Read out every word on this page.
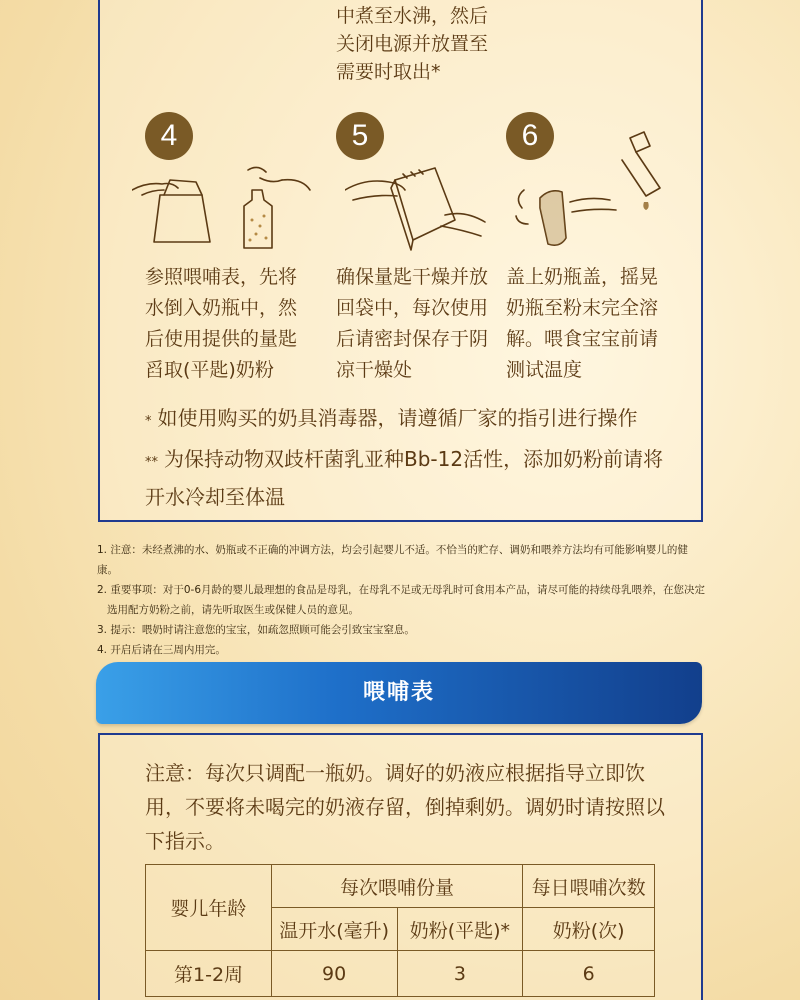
中煮至水沸，然后
关闭电源并放置至
需要时取出*
4
参照喂哺表，先将水倒入奶瓶中，然后使用提供的量匙舀取(平匙)奶粉
5
确保量匙干燥并放回袋中，每次使用后请密封保存于阴凉干燥处
6
盖上奶瓶盖，摇晃奶瓶至粉末完全溶解。喂食宝宝前请测试温度
* 如使用购买的奶具消毒器，请遵循厂家的指引进行操作
** 为保持动物双歧杆菌乳亚种Bb-12活性，添加奶粉前请将开水冷却至体温
1. 注意：未经煮沸的水、奶瓶或不正确的冲调方法，均会引起婴儿不适。不恰当的贮存、调奶和喂养方法均有可能影响婴儿的健康。
2. 重要事项：对于0-6月龄的婴儿最理想的食品是母乳，在母乳不足或无母乳时可食用本产品，请尽可能的持续母乳喂养，在您决定选用配方奶粉之前，请先听取医生或保健人员的意见。
3. 提示：喂奶时请注意您的宝宝，如疏忽照顾可能会引致宝宝窒息。
4. 开启后请在三周内用完。
喂哺表
注意：每次只调配一瓶奶。调好的奶液应根据指导立即饮用，不要将未喝完的奶液存留，倒掉剩奶。调奶时请按照以下指示。
婴儿年龄	每次喂哺份量		每日喂哺次数
	温开水(毫升)	奶粉(平匙)*	奶粉(次)
第1-2周	90	3	6
